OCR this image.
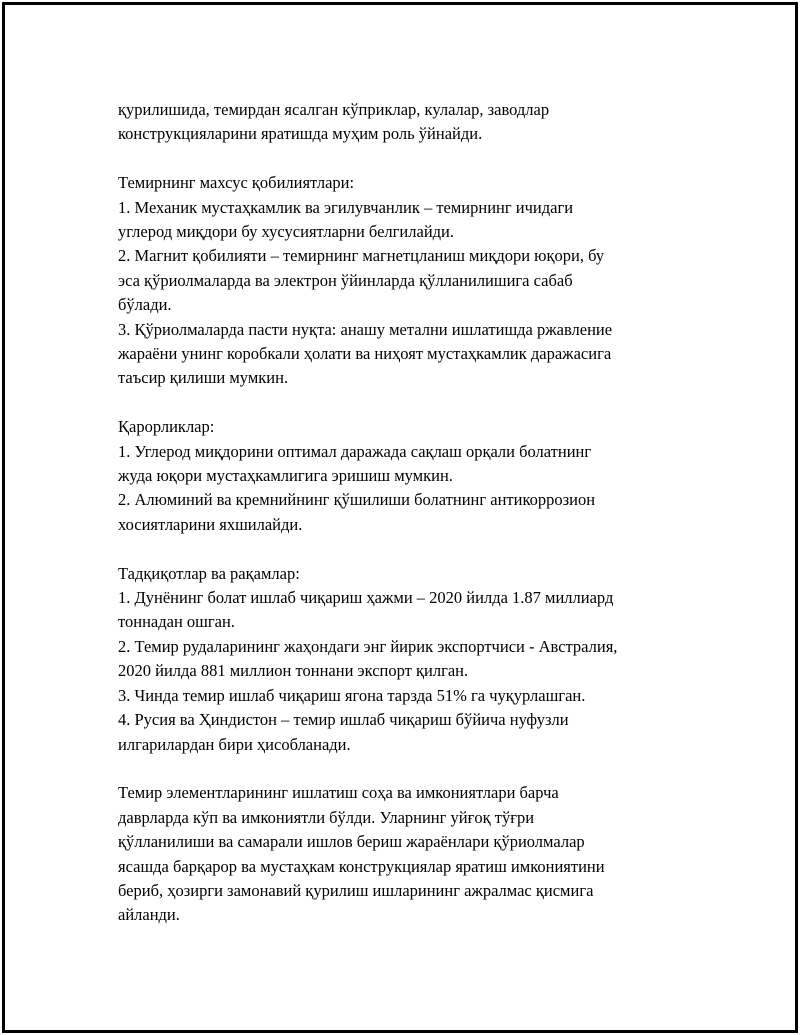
қурилишида, темирдан ясалган кўприклар, кулалар, заводлар
конструкцияларини яратишда муҳим роль ўйнайди.
Темирнинг махсус қобилиятлари:
1. Механик мустаҳкамлик ва эгилувчанлик – темирнинг ичидаги
углерод миқдори бу хусусиятларни белгилайди.
2. Магнит қобилияти – темирнинг магнетцланиш миқдори юқори, бу
эса қўриолмаларда ва электрон ўйинларда қўлланилишига сабаб
бўлади.
3. Қўриолмаларда пасти нуқта: анашу метални ишлатишда ржавление
жараёни унинг коробкали ҳолати ва ниҳоят мустаҳкамлик даражасига
таъсир қилиши мумкин.
Қарорликлар:
1. Углерод миқдорини оптимал даражада сақлаш орқали болатнинг
жуда юқори мустаҳкамлигига эришиш мумкин.
2. Алюминий ва кремнийнинг қўшилиши болатнинг антикоррозион
хосиятларини яхшилайди.
Тадқиқотлар ва рақамлар:
1. Дунёнинг болат ишлаб чиқариш ҳажми – 2020 йилда 1.87 миллиард
тоннадан ошган.
2. Темир рудаларининг жаҳондаги энг йирик экспортчиси - Австралия,
2020 йилда 881 миллион тоннани экспорт қилган.
3. Чинда темир ишлаб чиқариш ягона тарзда 51% га чуқурлашган.
4. Русия ва Ҳиндистон – темир ишлаб чиқариш бўйича нуфузли
илгарилардан бири ҳисобланади.
Темир элементларининг ишлатиш соҳа ва имкониятлари барча
даврларда кўп ва имкониятли бўлди. Уларнинг уйғоқ тўғри
қўлланилиши ва самарали ишлов бериш жараёнлари қўриолмалар
ясашда барқарор ва мустаҳкам конструкциялар яратиш имкониятини
бериб, ҳозирги замонавий қурилиш ишларининг ажралмас қисмига
айланди.
